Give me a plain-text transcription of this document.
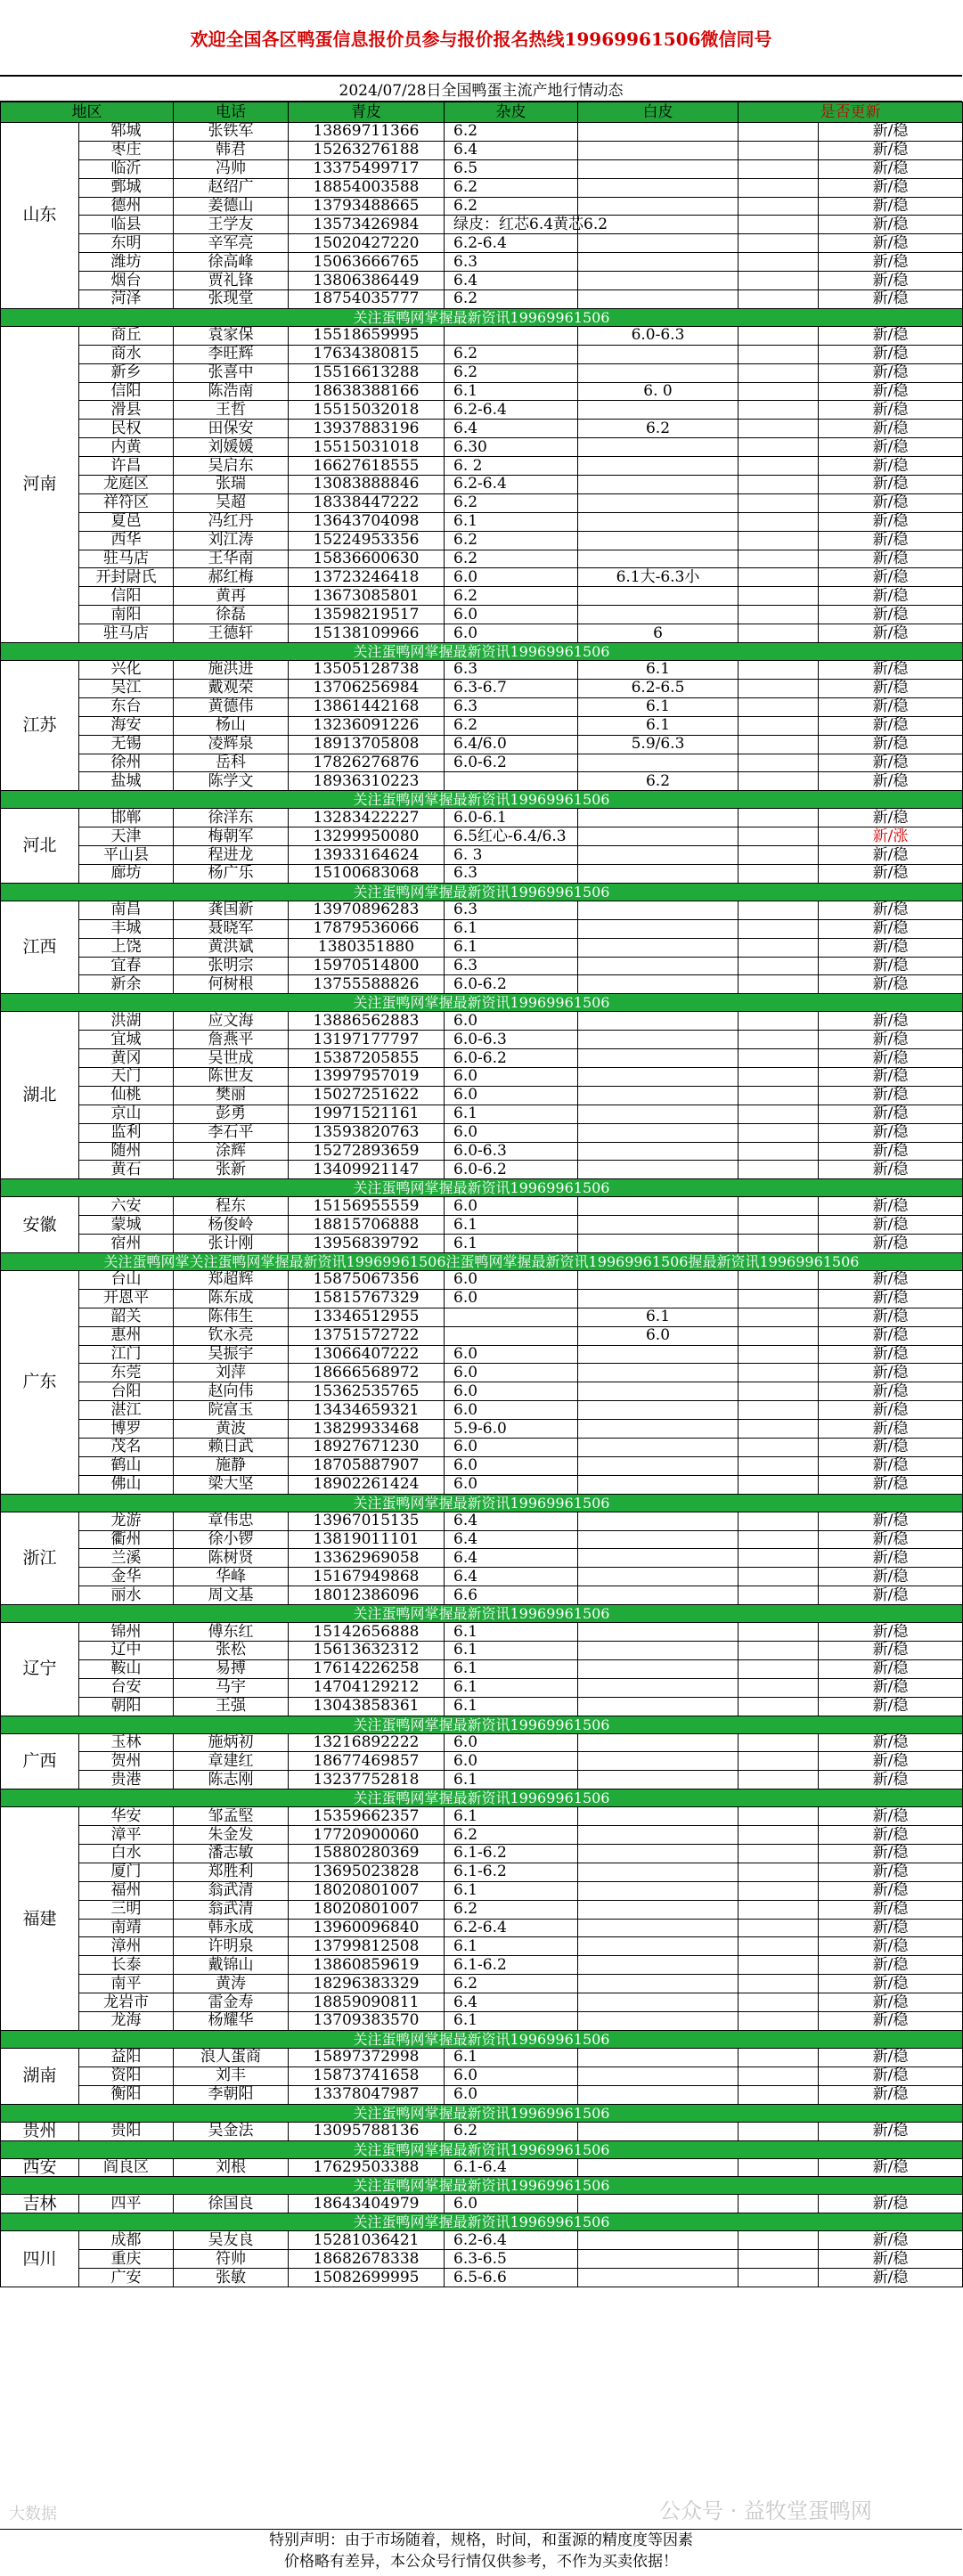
欢迎全国各区鸭蛋信息报价员参与报价报名热线19969961506微信同号
2024/07/28日全国鸭蛋主流产地行情动态
地区		电话	青皮	杂皮	白皮	是否更新	
山东	郓城	张铁军	13869711366	6.2			新/稳
	枣庄	韩君	15263276188	6.4			新/稳
	临沂	冯帅	13375499717	6.5			新/稳
	鄄城	赵绍广	18854003588	6.2			新/稳
	德州	姜德山	13793488665	6.2			新/稳
	临县	王学友	13573426984	绿皮：红芯6.4黄芯6.2			新/稳
	东明	辛军亮	15020427220	6.2-6.4			新/稳
	潍坊	徐高峰	15063666765	6.3			新/稳
	烟台	贾礼锋	13806386449	6.4			新/稳
	菏泽	张现堂	18754035777	6.2			新/稳
关注蛋鸭网掌握最新资讯19969961506							
河南	商丘	袁家保	15518659995		6.0-6.3		新/稳
	商水	李旺辉	17634380815	6.2			新/稳
	新乡	张喜中	15516613288	6.2			新/稳
	信阳	陈浩南	18638388166	6.1	6. 0		新/稳
	滑县	王哲	15515032018	6.2-6.4			新/稳
	民权	田保安	13937883196	6.4	6.2		新/稳
	内黄	刘媛媛	15515031018	6.30			新/稳
	许昌	吴启东	16627618555	6. 2			新/稳
	龙庭区	张瑞	13083888846	6.2-6.4			新/稳
	祥符区	吴超	18338447222	6.2			新/稳
	夏邑	冯红丹	13643704098	6.1			新/稳
	西华	刘江涛	15224953356	6.2			新/稳
	驻马店	王华南	15836600630	6.2			新/稳
	开封尉氏	郝红梅	13723246418	6.0	6.1大-6.3小		新/稳
	信阳	黄再	13673085801	6.2			新/稳
	南阳	徐磊	13598219517	6.0			新/稳
	驻马店	王德轩	15138109966	6.0	6		新/稳
关注蛋鸭网掌握最新资讯19969961506							
江苏	兴化	施洪进	13505128738	6.3	6.1		新/稳
	吴江	戴观荣	13706256984	6.3-6.7	6.2-6.5		新/稳
	东台	黄德伟	13861442168	6.3	6.1		新/稳
	海安	杨山	13236091226	6.2	6.1		新/稳
	无锡	凌辉泉	18913705808	6.4/6.0	5.9/6.3		新/稳
	徐州	岳科	17826276876	6.0-6.2			新/稳
	盐城	陈学文	18936310223		6.2		新/稳
关注蛋鸭网掌握最新资讯19969961506							
河北	邯郸	徐洋东	13283422227	6.0-6.1			新/稳
	天津	梅朝军	13299950080	6.5红心-6.4/6.3			新/涨
	平山县	程进龙	13933164624	6. 3			新/稳
	廊坊	杨广乐	15100683068	6.3			新/稳
关注蛋鸭网掌握最新资讯19969961506							
江西	南昌	龚国新	13970896283	6.3			新/稳
	丰城	聂晓军	17879536066	6.1			新/稳
	上饶	黄洪斌	1380351880	6.1			新/稳
	宜春	张明宗	15970514800	6.3			新/稳
	新余	何树根	13755588826	6.0-6.2			新/稳
关注蛋鸭网掌握最新资讯19969961506							
湖北	洪湖	应文海	13886562883	6.0			新/稳
	宜城	詹燕平	13197177797	6.0-6.3			新/稳
	黄冈	吴世成	15387205855	6.0-6.2			新/稳
	天门	陈世友	13997957019	6.0			新/稳
	仙桃	樊丽	15027251622	6.0			新/稳
	京山	彭勇	19971521161	6.1			新/稳
	监利	李石平	13593820763	6.0			新/稳
	随州	涂辉	15272893659	6.0-6.3			新/稳
	黄石	张新	13409921147	6.0-6.2			新/稳
关注蛋鸭网掌握最新资讯19969961506							
安徽	六安	程东	15156955559	6.0			新/稳
	蒙城	杨俊岭	18815706888	6.1			新/稳
	宿州	张计刚	13956839792	6.1			新/稳
关注蛋鸭网掌关注蛋鸭网掌握最新资讯19969961506注蛋鸭网掌握最新资讯19969961506握最新资讯19969961506							
广东	台山	郑超辉	15875067356	6.0			新/稳
	开恩平	陈东成	15815767329	6.0			新/稳
	韶关	陈伟生	13346512955		6.1		新/稳
	惠州	钦永亮	13751572722		6.0		新/稳
	江门	吴振宇	13066407222	6.0			新/稳
	东莞	刘萍	18666568972	6.0			新/稳
	台阳	赵向伟	15362535765	6.0			新/稳
	湛江	院富玉	13434659321	6.0			新/稳
	博罗	黄波	13829933468	5.9-6.0			新/稳
	茂名	赖日武	18927671230	6.0			新/稳
	鹤山	施静	18705887907	6.0			新/稳
	佛山	梁大坚	18902261424	6.0			新/稳
关注蛋鸭网掌握最新资讯19969961506							
浙江	龙游	章伟忠	13967015135	6.4			新/稳
	衢州	徐小锣	13819011101	6.4			新/稳
	兰溪	陈树贤	13362969058	6.4			新/稳
	金华	华峰	15167949868	6.4			新/稳
	丽水	周文基	18012386096	6.6			新/稳
关注蛋鸭网掌握最新资讯19969961506							
辽宁	锦州	傅东红	15142656888	6.1			新/稳
	辽中	张松	15613632312	6.1			新/稳
	鞍山	易搏	17614226258	6.1			新/稳
	台安	马宇	14704129212	6.1			新/稳
	朝阳	王强	13043858361	6.1			新/稳
关注蛋鸭网掌握最新资讯19969961506							
广西	玉林	施炳初	13216892222	6.0			新/稳
	贺州	章建红	18677469857	6.0			新/稳
	贵港	陈志刚	13237752818	6.1			新/稳
关注蛋鸭网掌握最新资讯19969961506							
福建	华安	邹孟堅	15359662357	6.1			新/稳
	漳平	朱金发	17720900060	6.2			新/稳
	白水	潘志敏	15880280369	6.1-6.2			新/稳
	厦门	郑胜利	13695023828	6.1-6.2			新/稳
	福州	翁武清	18020801007	6.1			新/稳
	三明	翁武清	18020801007	6.2			新/稳
	南靖	韩永成	13960096840	6.2-6.4			新/稳
	漳州	许明泉	13799812508	6.1			新/稳
	长泰	戴锦山	13860859619	6.1-6.2			新/稳
	南平	黄涛	18296383329	6.2			新/稳
	龙岩市	雷金寿	18859090811	6.4			新/稳
	龙海	杨耀华	13709383570	6.1			新/稳
关注蛋鸭网掌握最新资讯19969961506							
湖南	益阳	浪人蛋商	15897372998	6.1			新/稳
	资阳	刘丰	15873741658	6.0			新/稳
	衡阳	李朝阳	13378047987	6.0			新/稳
关注蛋鸭网掌握最新资讯19969961506							
贵州	贵阳	吴金法	13095788136	6.2			新/稳
关注蛋鸭网掌握最新资讯19969961506							
西安	阎良区	刘根	17629503388	6.1-6.4			新/稳
关注蛋鸭网掌握最新资讯19969961506							
吉林	四平	徐国良	18643404979	6.0			新/稳
关注蛋鸭网掌握最新资讯19969961506							
四川	成都	吴友良	15281036421	6.2-6.4			新/稳
	重庆	符帅	18682678338	6.3-6.5			新/稳
	广安	张敏	15082699995	6.5-6.6			新/稳
大数据	公众号 · 益牧堂蛋鸭网
特别声明：由于市场随着，规格，时间，和蛋源的精度度等因素
价格略有差异，本公众号行情仅供参考，不作为买卖依据！
